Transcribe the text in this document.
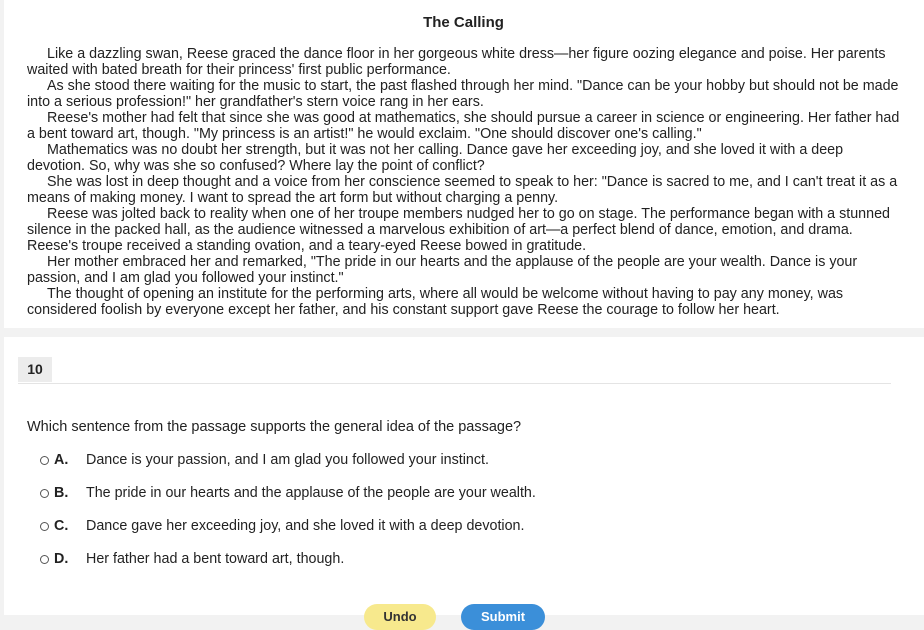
The Calling

Like a dazzling swan, Reese graced the dance floor in her gorgeous white dress—her figure oozing elegance and poise. Her parents waited with bated breath for their princess' first public performance.

As she stood there waiting for the music to start, the past flashed through her mind. "Dance can be your hobby but should not be made into a serious profession!" her grandfather's stern voice rang in her ears.

Reese's mother had felt that since she was good at mathematics, she should pursue a career in science or engineering. Her father had a bent toward art, though. "My princess is an artist!" he would exclaim. "One should discover one's calling."

Mathematics was no doubt her strength, but it was not her calling. Dance gave her exceeding joy, and she loved it with a deep devotion. So, why was she so confused? Where lay the point of conflict?

She was lost in deep thought and a voice from her conscience seemed to speak to her: "Dance is sacred to me, and I can't treat it as a means of making money. I want to spread the art form but without charging a penny.

Reese was jolted back to reality when one of her troupe members nudged her to go on stage. The performance began with a stunned silence in the packed hall, as the audience witnessed a marvelous exhibition of art—a perfect blend of dance, emotion, and drama. Reese's troupe received a standing ovation, and a teary-eyed Reese bowed in gratitude.

Her mother embraced her and remarked, "The pride in our hearts and the applause of the people are your wealth. Dance is your passion, and I am glad you followed your instinct."

The thought of opening an institute for the performing arts, where all would be welcome without having to pay any money, was considered foolish by everyone except her father, and his constant support gave Reese the courage to follow her heart.

10
Which sentence from the passage supports the general idea of the passage?
A.	Dance is your passion, and I am glad you followed your instinct.
B.	The pride in our hearts and the applause of the people are your wealth.
C.	Dance gave her exceeding joy, and she loved it with a deep devotion.
D.	Her father had a bent toward art, though.
Undo	Submit
